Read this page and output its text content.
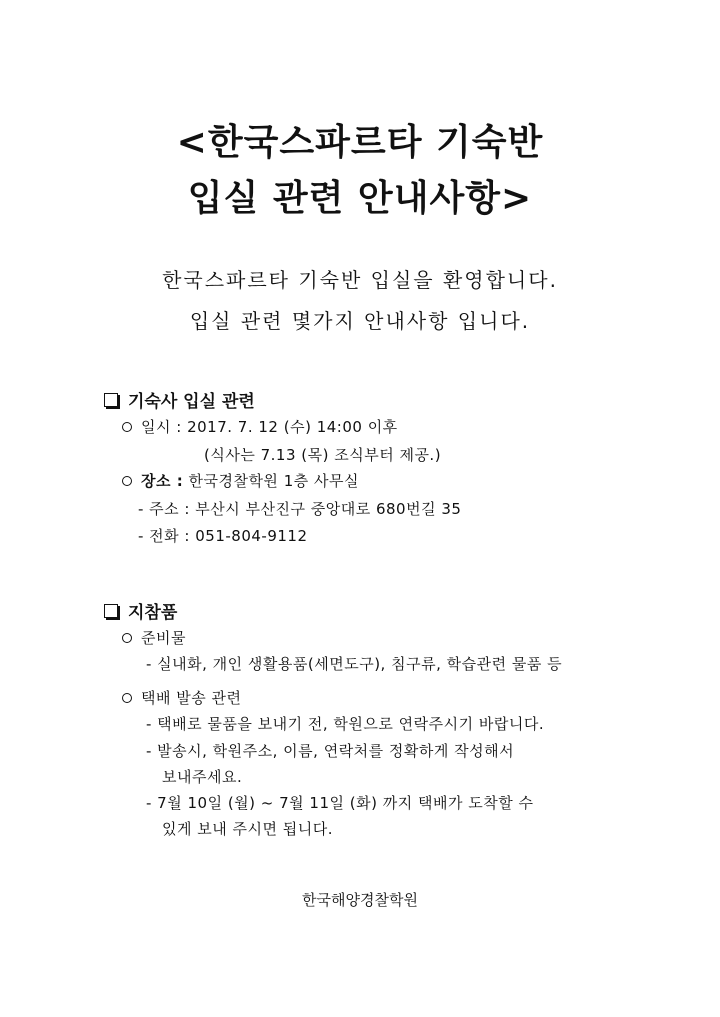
<한국스파르타 기숙반
입실 관련 안내사항>
한국스파르타 기숙반 입실을 환영합니다.
입실 관련 몇가지 안내사항 입니다.
기숙사 입실 관련
일시 : 2017. 7. 12 (수) 14:00 이후
(식사는 7.13 (목) 조식부터 제공.)
장소 : 한국경찰학원 1층 사무실
- 주소 : 부산시 부산진구 중앙대로 680번길 35
- 전화 : 051-804-9112
지참품
준비물
- 실내화, 개인 생활용품(세면도구), 침구류, 학습관련 물품 등
택배 발송 관련
- 택배로 물품을 보내기 전, 학원으로 연락주시기 바랍니다.
- 발송시, 학원주소, 이름, 연락처를 정확하게 작성해서
보내주세요.
- 7월 10일 (월) ~ 7월 11일 (화) 까지 택배가 도착할 수
있게 보내 주시면 됩니다.
한국해양경찰학원
